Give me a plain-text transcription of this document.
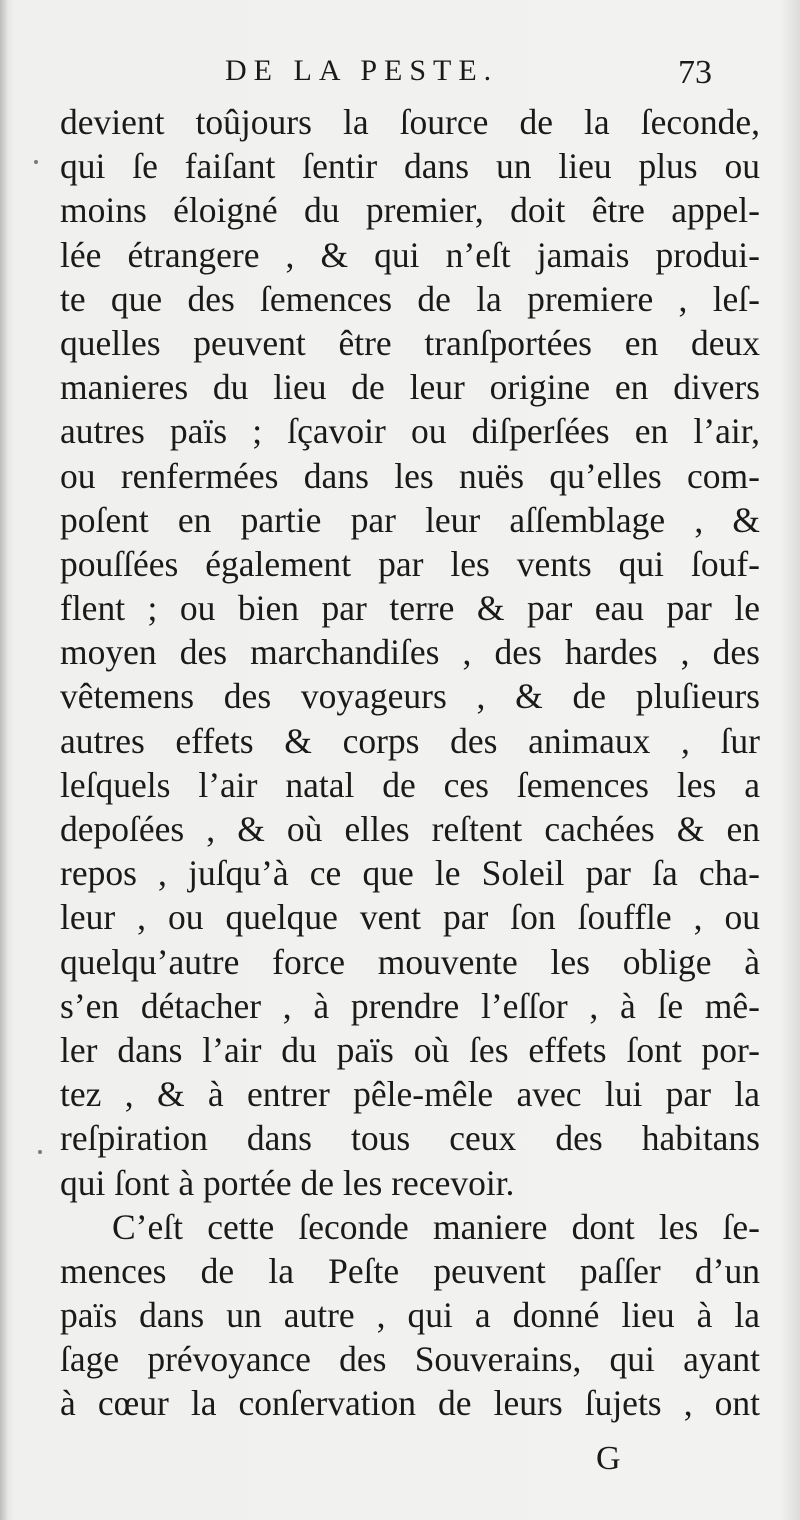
DE LA PESTE.	73
devient toûjours la ſource de la ſeconde,
qui ſe faiſant ſentir dans un lieu plus ou
moins éloigné du premier, doit être appel-
lée étrangere , & qui n’eſt jamais produi-
te que des ſemences de la premiere , leſ-
quelles peuvent être tranſportées en deux
manieres du lieu de leur origine en divers
autres païs ; ſçavoir ou diſperſées en l’air,
ou renfermées dans les nuës qu’elles com-
poſent en partie par leur aſſemblage , &
pouſſées également par les vents qui ſouf-
flent ; ou bien par terre & par eau par le
moyen des marchandiſes , des hardes , des
vêtemens des voyageurs , & de pluſieurs
autres effets & corps des animaux , ſur
leſquels l’air natal de ces ſemences les a
depoſées , & où elles reſtent cachées & en
repos , juſqu’à ce que le Soleil par ſa cha-
leur , ou quelque vent par ſon ſouffle , ou
quelqu’autre force mouvente les oblige à
s’en détacher , à prendre l’eſſor , à ſe mê-
ler dans l’air du païs où ſes effets ſont por-
tez , & à entrer pêle-mêle avec lui par la
reſpiration dans tous ceux des habitans
qui ſont à portée de les recevoir.
C’eſt cette ſeconde maniere dont les ſe-
mences de la Peſte peuvent paſſer d’un
païs dans un autre , qui a donné lieu à la
ſage prévoyance des Souverains, qui ayant
à cœur la conſervation de leurs ſujets , ont
G
